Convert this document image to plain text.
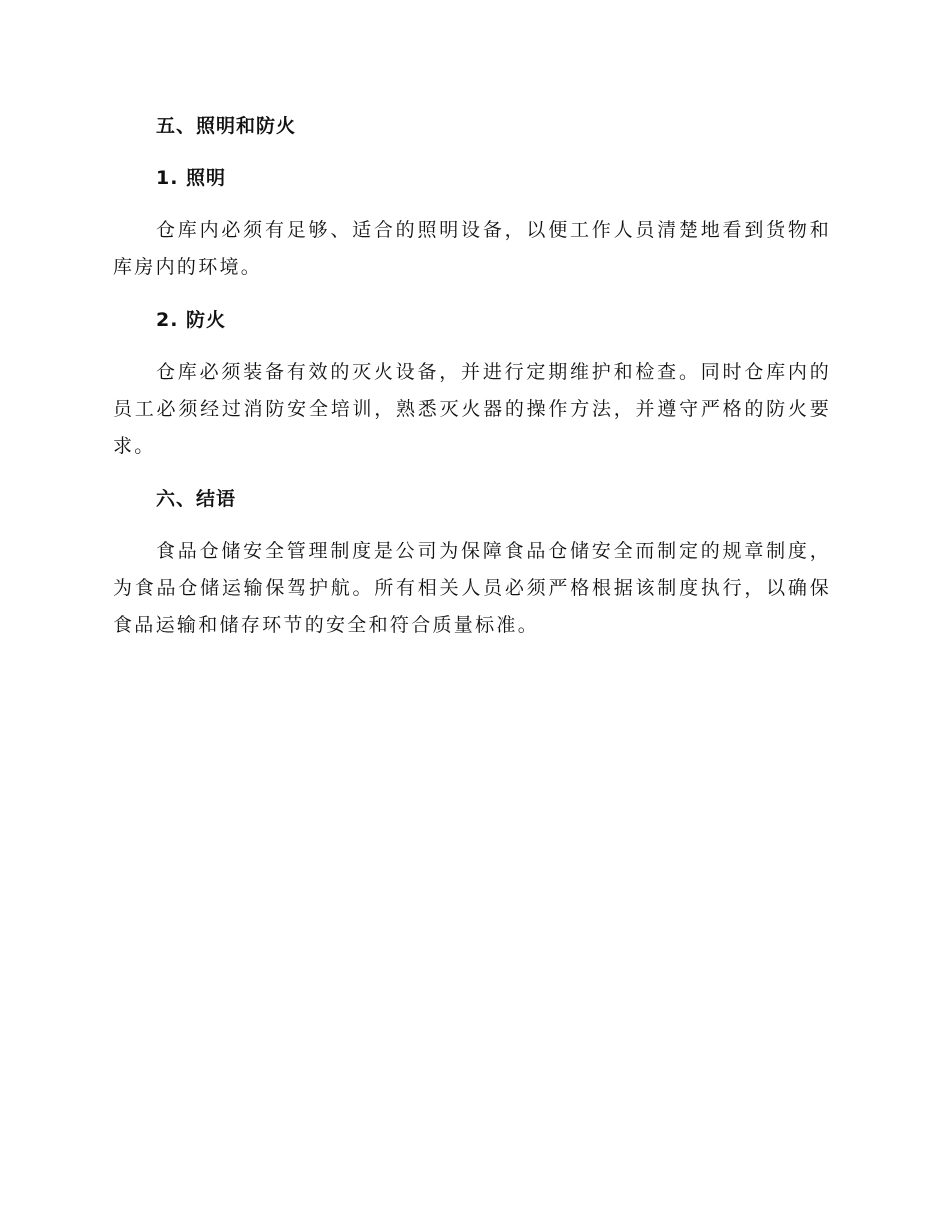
五、照明和防火
1. 照明

仓库内必须有足够、适合的照明设备，以便工作人员清楚地看到货物和库房内的环境。

2. 防火

仓库必须装备有效的灭火设备，并进行定期维护和检查。同时仓库内的员工必须经过消防安全培训，熟悉灭火器的操作方法，并遵守严格的防火要求。

六、结语

食品仓储安全管理制度是公司为保障食品仓储安全而制定的规章制度，为食品仓储运输保驾护航。所有相关人员必须严格根据该制度执行，以确保食品运输和储存环节的安全和符合质量标准。
